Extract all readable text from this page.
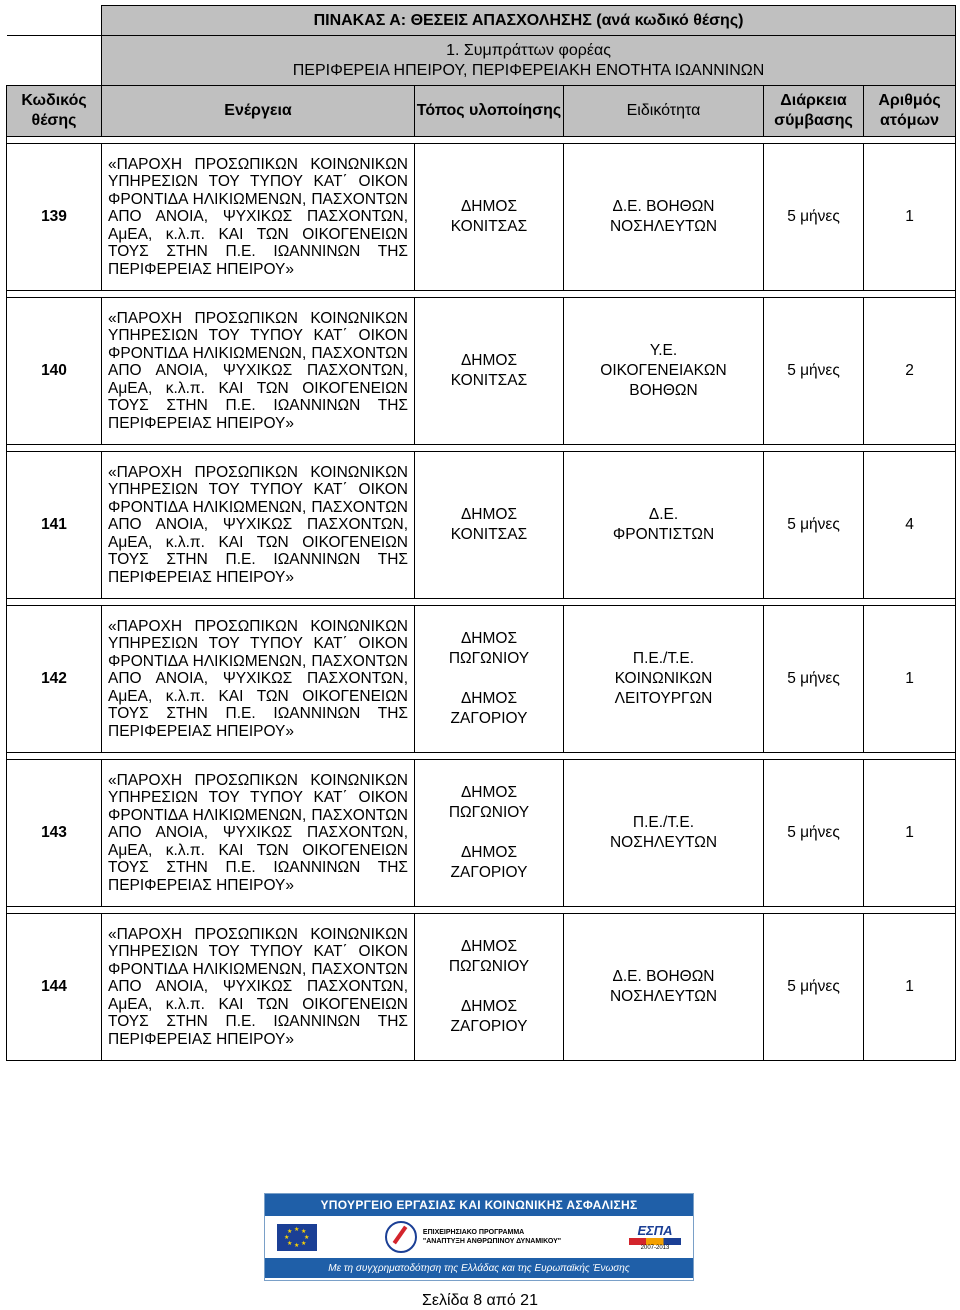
	ΠΙΝΑΚΑΣ Α: ΘΕΣΕΙΣ ΑΠΑΣΧΟΛΗΣΗΣ (ανά κωδικό θέσης)				

	1. Συμπράττων φορέας
ΠΕΡΙΦΕΡΕΙΑ ΗΠΕΙΡΟΥ, ΠΕΡΙΦΕΡΕΙΑΚΗ ΕΝΟΤΗΤΑ ΙΩΑΝΝΙΝΩΝ				

Κωδικός θέσης	Ενέργεια	Τόπος υλοποίησης	Ειδικότητα	Διάρκεια σύμβασης	Αριθμός ατόμων

139	«ΠΑΡΟΧΗ ΠΡΟΣΩΠΙΚΩΝ ΚΟΙΝΩΝΙΚΩΝ ΥΠΗΡΕΣΙΩΝ ΤΟΥ ΤΥΠΟΥ ΚΑΤ΄ ΟΙΚΟΝ ΦΡΟΝΤΙΔΑ ΗΛΙΚΙΩΜΕΝΩΝ, ΠΑΣΧΟΝΤΩΝ ΑΠΟ ΑΝΟΙΑ, ΨΥΧΙΚΩΣ ΠΑΣΧΟΝΤΩΝ, ΑμΕΑ, κ.λ.π. ΚΑΙ ΤΩΝ ΟΙΚΟΓΕΝΕΙΩΝ ΤΟΥΣ ΣΤΗΝ Π.Ε. ΙΩΑΝΝΙΝΩΝ ΤΗΣ ΠΕΡΙΦΕΡΕΙΑΣ ΗΠΕΙΡΟΥ»	ΔΗΜΟΣ ΚΟΝΙΤΣΑΣ	Δ.Ε. ΒΟΗΘΩΝ ΝΟΣΗΛΕΥΤΩΝ	5 μήνες	1

140	«ΠΑΡΟΧΗ ΠΡΟΣΩΠΙΚΩΝ ΚΟΙΝΩΝΙΚΩΝ ΥΠΗΡΕΣΙΩΝ ΤΟΥ ΤΥΠΟΥ ΚΑΤ΄ ΟΙΚΟΝ ΦΡΟΝΤΙΔΑ ΗΛΙΚΙΩΜΕΝΩΝ, ΠΑΣΧΟΝΤΩΝ ΑΠΟ ΑΝΟΙΑ, ΨΥΧΙΚΩΣ ΠΑΣΧΟΝΤΩΝ, ΑμΕΑ, κ.λ.π. ΚΑΙ ΤΩΝ ΟΙΚΟΓΕΝΕΙΩΝ ΤΟΥΣ ΣΤΗΝ Π.Ε. ΙΩΑΝΝΙΝΩΝ ΤΗΣ ΠΕΡΙΦΕΡΕΙΑΣ ΗΠΕΙΡΟΥ»	ΔΗΜΟΣ ΚΟΝΙΤΣΑΣ	Υ.Ε. ΟΙΚΟΓΕΝΕΙΑΚΩΝ ΒΟΗΘΩΝ	5 μήνες	2

141	«ΠΑΡΟΧΗ ΠΡΟΣΩΠΙΚΩΝ ΚΟΙΝΩΝΙΚΩΝ ΥΠΗΡΕΣΙΩΝ ΤΟΥ ΤΥΠΟΥ ΚΑΤ΄ ΟΙΚΟΝ ΦΡΟΝΤΙΔΑ ΗΛΙΚΙΩΜΕΝΩΝ, ΠΑΣΧΟΝΤΩΝ ΑΠΟ ΑΝΟΙΑ, ΨΥΧΙΚΩΣ ΠΑΣΧΟΝΤΩΝ, ΑμΕΑ, κ.λ.π. ΚΑΙ ΤΩΝ ΟΙΚΟΓΕΝΕΙΩΝ ΤΟΥΣ ΣΤΗΝ Π.Ε. ΙΩΑΝΝΙΝΩΝ ΤΗΣ ΠΕΡΙΦΕΡΕΙΑΣ ΗΠΕΙΡΟΥ»	ΔΗΜΟΣ ΚΟΝΙΤΣΑΣ	Δ.Ε. ΦΡΟΝΤΙΣΤΩΝ	5 μήνες	4

142	«ΠΑΡΟΧΗ ΠΡΟΣΩΠΙΚΩΝ ΚΟΙΝΩΝΙΚΩΝ ΥΠΗΡΕΣΙΩΝ ΤΟΥ ΤΥΠΟΥ ΚΑΤ΄ ΟΙΚΟΝ ΦΡΟΝΤΙΔΑ ΗΛΙΚΙΩΜΕΝΩΝ, ΠΑΣΧΟΝΤΩΝ ΑΠΟ ΑΝΟΙΑ, ΨΥΧΙΚΩΣ ΠΑΣΧΟΝΤΩΝ, ΑμΕΑ, κ.λ.π. ΚΑΙ ΤΩΝ ΟΙΚΟΓΕΝΕΙΩΝ ΤΟΥΣ ΣΤΗΝ Π.Ε. ΙΩΑΝΝΙΝΩΝ ΤΗΣ ΠΕΡΙΦΕΡΕΙΑΣ ΗΠΕΙΡΟΥ»	ΔΗΜΟΣ ΠΩΓΩΝΙΟΥ
ΔΗΜΟΣ ΖΑΓΟΡΙΟΥ	Π.Ε./Τ.Ε. ΚΟΙΝΩΝΙΚΩΝ ΛΕΙΤΟΥΡΓΩΝ	5 μήνες	1

143	«ΠΑΡΟΧΗ ΠΡΟΣΩΠΙΚΩΝ ΚΟΙΝΩΝΙΚΩΝ ΥΠΗΡΕΣΙΩΝ ΤΟΥ ΤΥΠΟΥ ΚΑΤ΄ ΟΙΚΟΝ ΦΡΟΝΤΙΔΑ ΗΛΙΚΙΩΜΕΝΩΝ, ΠΑΣΧΟΝΤΩΝ ΑΠΟ ΑΝΟΙΑ, ΨΥΧΙΚΩΣ ΠΑΣΧΟΝΤΩΝ, ΑμΕΑ, κ.λ.π. ΚΑΙ ΤΩΝ ΟΙΚΟΓΕΝΕΙΩΝ ΤΟΥΣ ΣΤΗΝ Π.Ε. ΙΩΑΝΝΙΝΩΝ ΤΗΣ ΠΕΡΙΦΕΡΕΙΑΣ ΗΠΕΙΡΟΥ»	ΔΗΜΟΣ ΠΩΓΩΝΙΟΥ
ΔΗΜΟΣ ΖΑΓΟΡΙΟΥ	Π.Ε./Τ.Ε. ΝΟΣΗΛΕΥΤΩΝ	5 μήνες	1

144	«ΠΑΡΟΧΗ ΠΡΟΣΩΠΙΚΩΝ ΚΟΙΝΩΝΙΚΩΝ ΥΠΗΡΕΣΙΩΝ ΤΟΥ ΤΥΠΟΥ ΚΑΤ΄ ΟΙΚΟΝ ΦΡΟΝΤΙΔΑ ΗΛΙΚΙΩΜΕΝΩΝ, ΠΑΣΧΟΝΤΩΝ ΑΠΟ ΑΝΟΙΑ, ΨΥΧΙΚΩΣ ΠΑΣΧΟΝΤΩΝ, ΑμΕΑ, κ.λ.π. ΚΑΙ ΤΩΝ ΟΙΚΟΓΕΝΕΙΩΝ ΤΟΥΣ ΣΤΗΝ Π.Ε. ΙΩΑΝΝΙΝΩΝ ΤΗΣ ΠΕΡΙΦΕΡΕΙΑΣ ΗΠΕΙΡΟΥ»	ΔΗΜΟΣ ΠΩΓΩΝΙΟΥ
ΔΗΜΟΣ ΖΑΓΟΡΙΟΥ	Δ.Ε. ΒΟΗΘΩΝ ΝΟΣΗΛΕΥΤΩΝ	5 μήνες	1
ΥΠΟΥΡΓΕΙΟ ΕΡΓΑΣΙΑΣ ΚΑΙ ΚΟΙΝΩΝΙΚΗΣ ΑΣΦΑΛΙΣΗΣ
★ ★
★
★
★
★
★
★	ΕΠΙΧΕΙΡΗΣΙΑΚΟ ΠΡΟΓΡΑΜΜΑ
"ΑΝΑΠΤΥΞΗ ΑΝΘΡΩΠΙΝΟΥ ΔΥΝΑΜΙΚΟΥ"
ΕΣΠΑ
2007-2013
Με τη συγχρηματοδότηση της Ελλάδας και της Ευρωπαϊκής Ένωσης
Σελίδα 8 από 21
